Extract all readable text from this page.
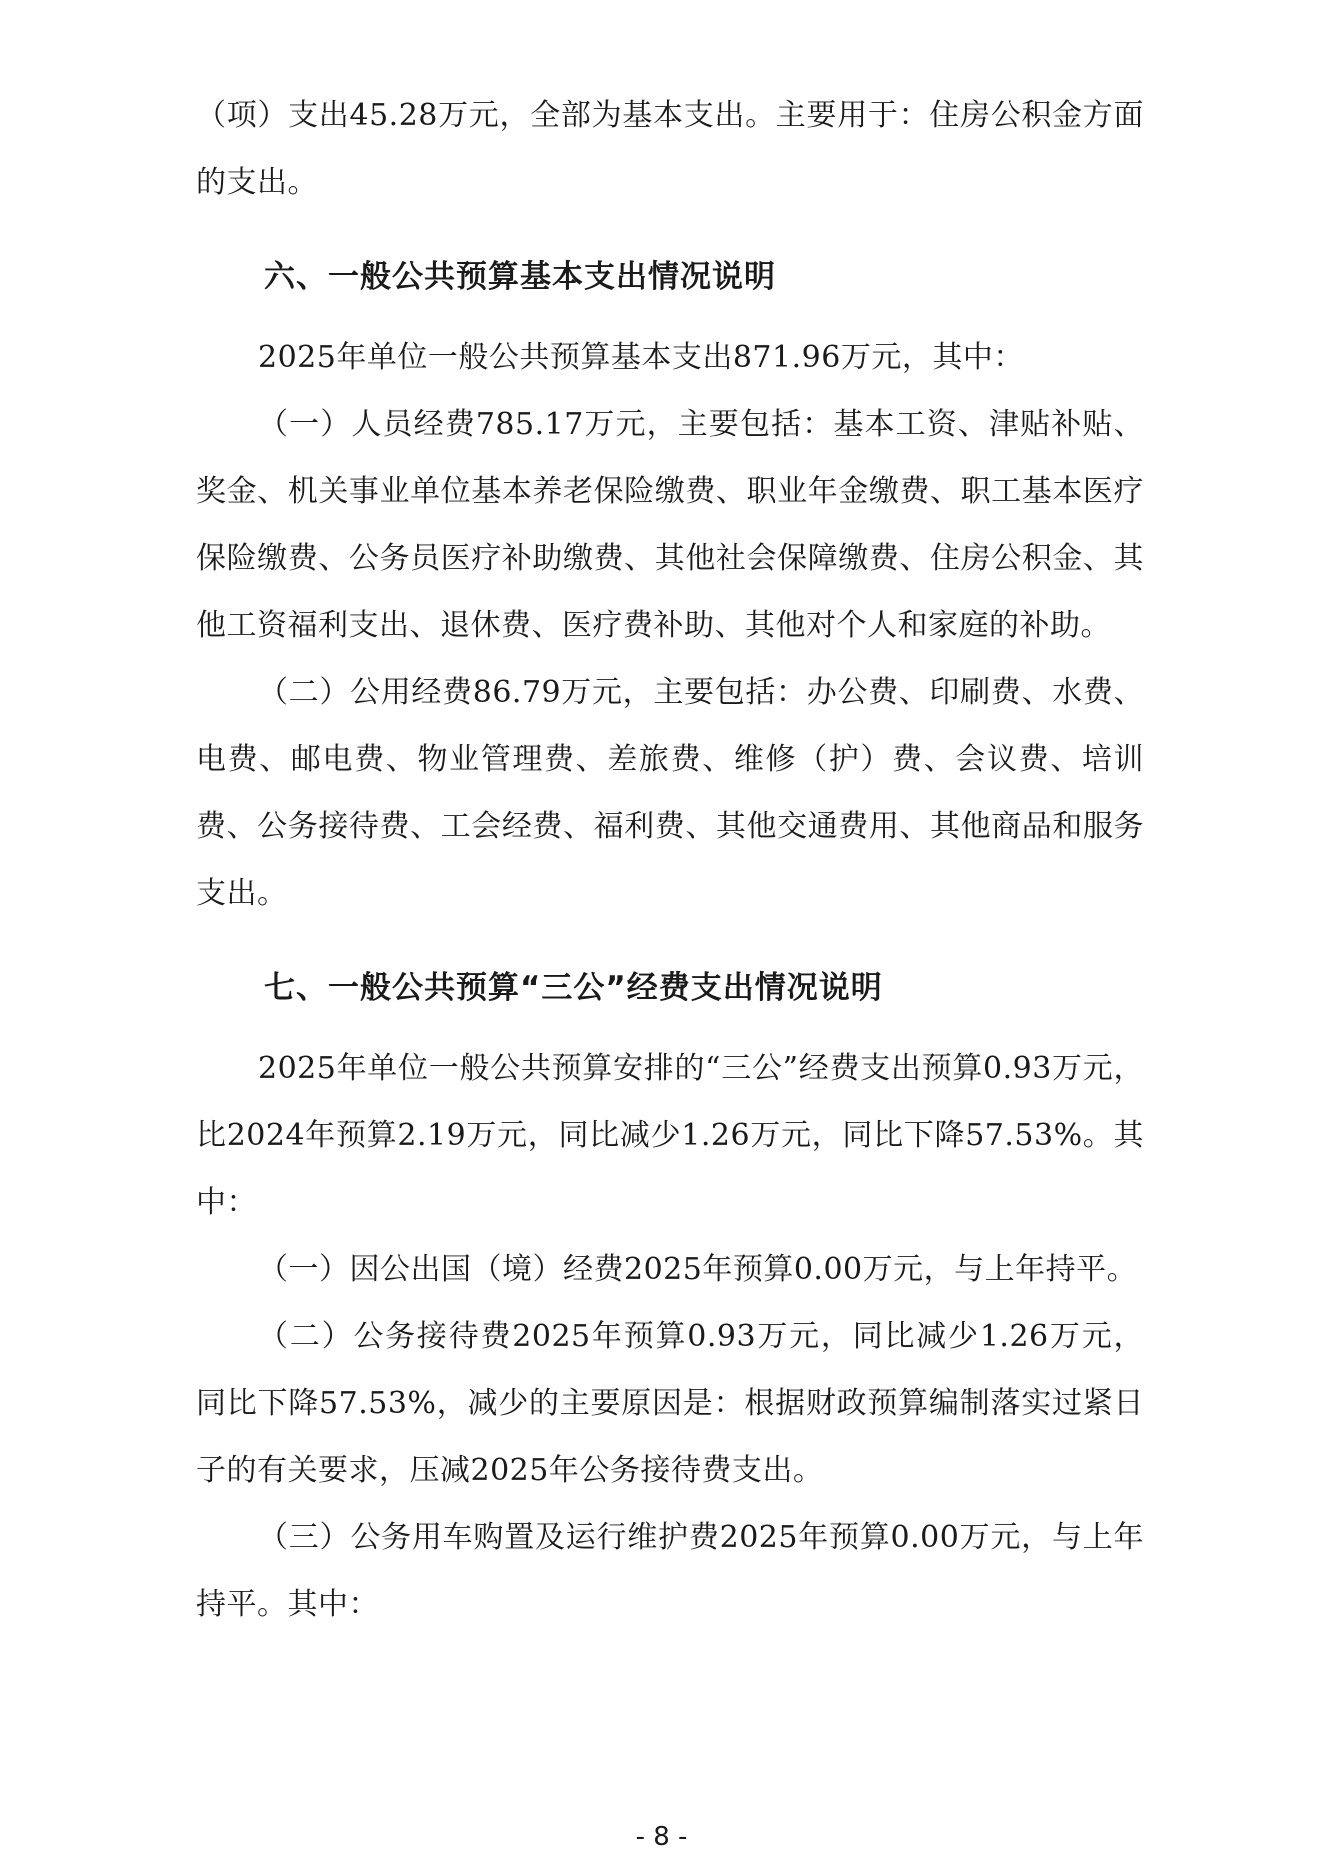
（项）支出45.28万元，全部为基本支出。主要用于：住房公积金方面的支出。

六、一般公共预算基本支出情况说明

2025年单位一般公共预算基本支出871.96万元，其中：

（一）人员经费785.17万元，主要包括：基本工资、津贴补贴、奖金、机关事业单位基本养老保险缴费、职业年金缴费、职工基本医疗保险缴费、公务员医疗补助缴费、其他社会保障缴费、住房公积金、其他工资福利支出、退休费、医疗费补助、其他对个人和家庭的补助。

（二）公用经费86.79万元，主要包括：办公费、印刷费、水费、电费、邮电费、物业管理费、差旅费、维修（护）费、会议费、培训费、公务接待费、工会经费、福利费、其他交通费用、其他商品和服务支出。

七、一般公共预算“三公”经费支出情况说明

2025年单位一般公共预算安排的“三公”经费支出预算0.93万元，比2024年预算2.19万元，同比减少1.26万元，同比下降57.53%。其中：

（一）因公出国（境）经费2025年预算0.00万元，与上年持平。

（二）公务接待费2025年预算0.93万元，同比减少1.26万元，同比下降57.53%，减少的主要原因是：根据财政预算编制落实过紧日子的有关要求，压减2025年公务接待费支出。

（三）公务用车购置及运行维护费2025年预算0.00万元，与上年持平。其中：

- 8 -
